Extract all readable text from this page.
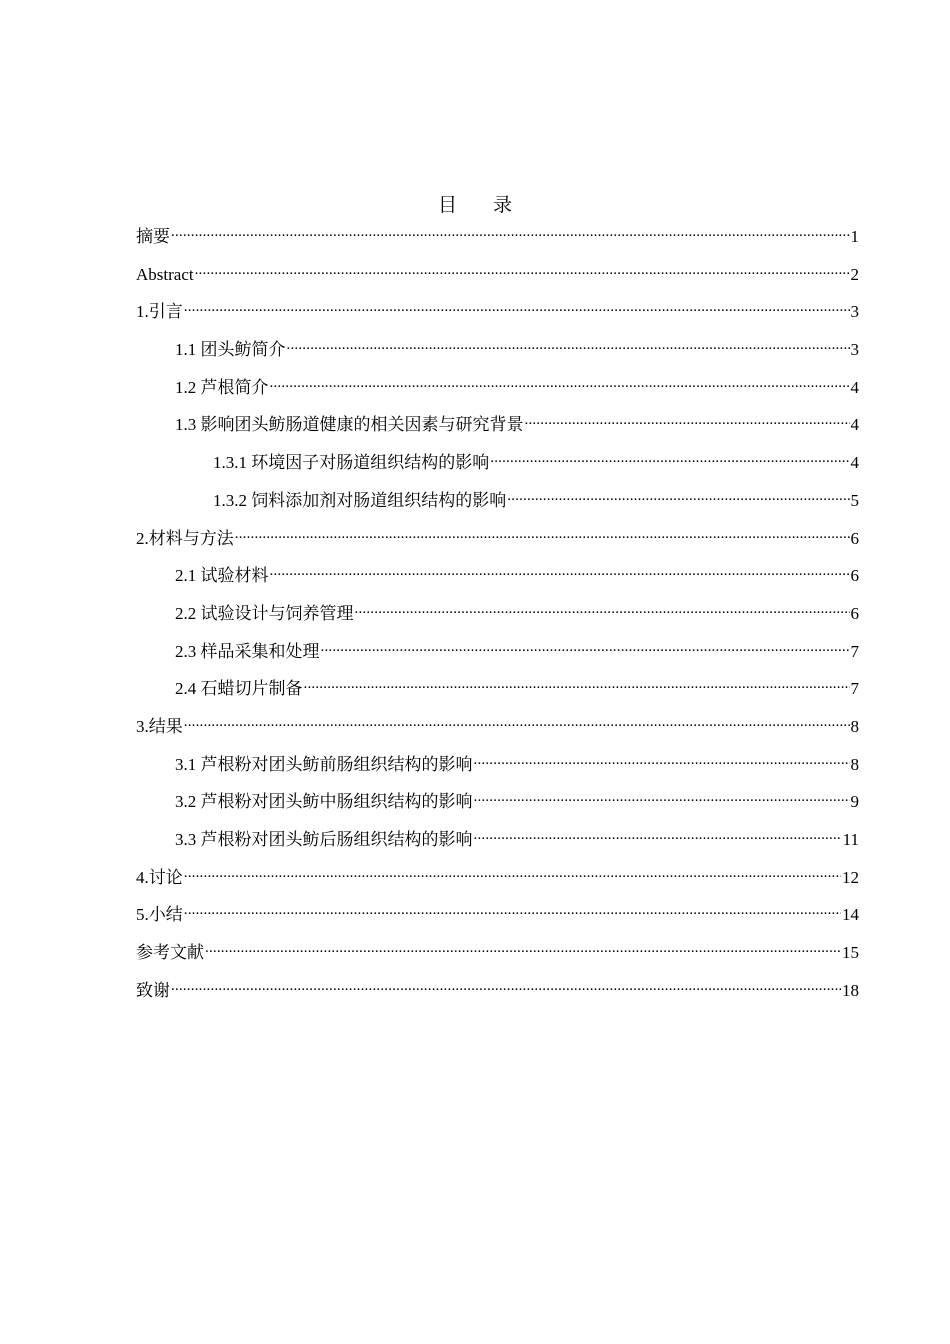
目 录
摘要 .....	1
Abstract .....	2
1.引言 .....	3
1.1 团头鲂简介 .....	3
1.2 芦根简介 .....	4
1.3 影响团头鲂肠道健康的相关因素与研究背景 .....	4
1.3.1 环境因子对肠道组织结构的影响 .....	4
1.3.2 饲料添加剂对肠道组织结构的影响 .....	5
2.材料与方法 .....	6
2.1 试验材料 .....	6
2.2 试验设计与饲养管理 .....	6
2.3 样品采集和处理 .....	7
2.4 石蜡切片制备 .....	7
3.结果 .....	8
3.1 芦根粉对团头鲂前肠组织结构的影响 .....	8
3.2 芦根粉对团头鲂中肠组织结构的影响 .....	9
3.3 芦根粉对团头鲂后肠组织结构的影响 .....	11
4.讨论 .....	12
5.小结 .....	14
参考文献 .....	15
致谢 .....	18
